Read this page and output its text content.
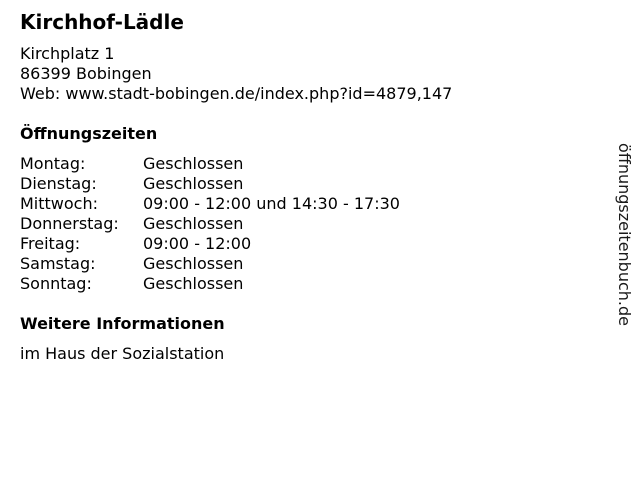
Kirchhof-Lädle
Kirchplatz 1
86399 Bobingen
Web: www.stadt-bobingen.de/index.php?id=4879,147
Öffnungszeiten
Montag:	Geschlossen
Dienstag:	Geschlossen
Mittwoch:	09:00 - 12:00 und 14:30 - 17:30
Donnerstag:	Geschlossen
Freitag:	09:00 - 12:00
Samstag:	Geschlossen
Sonntag:	Geschlossen
Weitere Informationen
im Haus der Sozialstation
öffnungszeitenbuch.de
